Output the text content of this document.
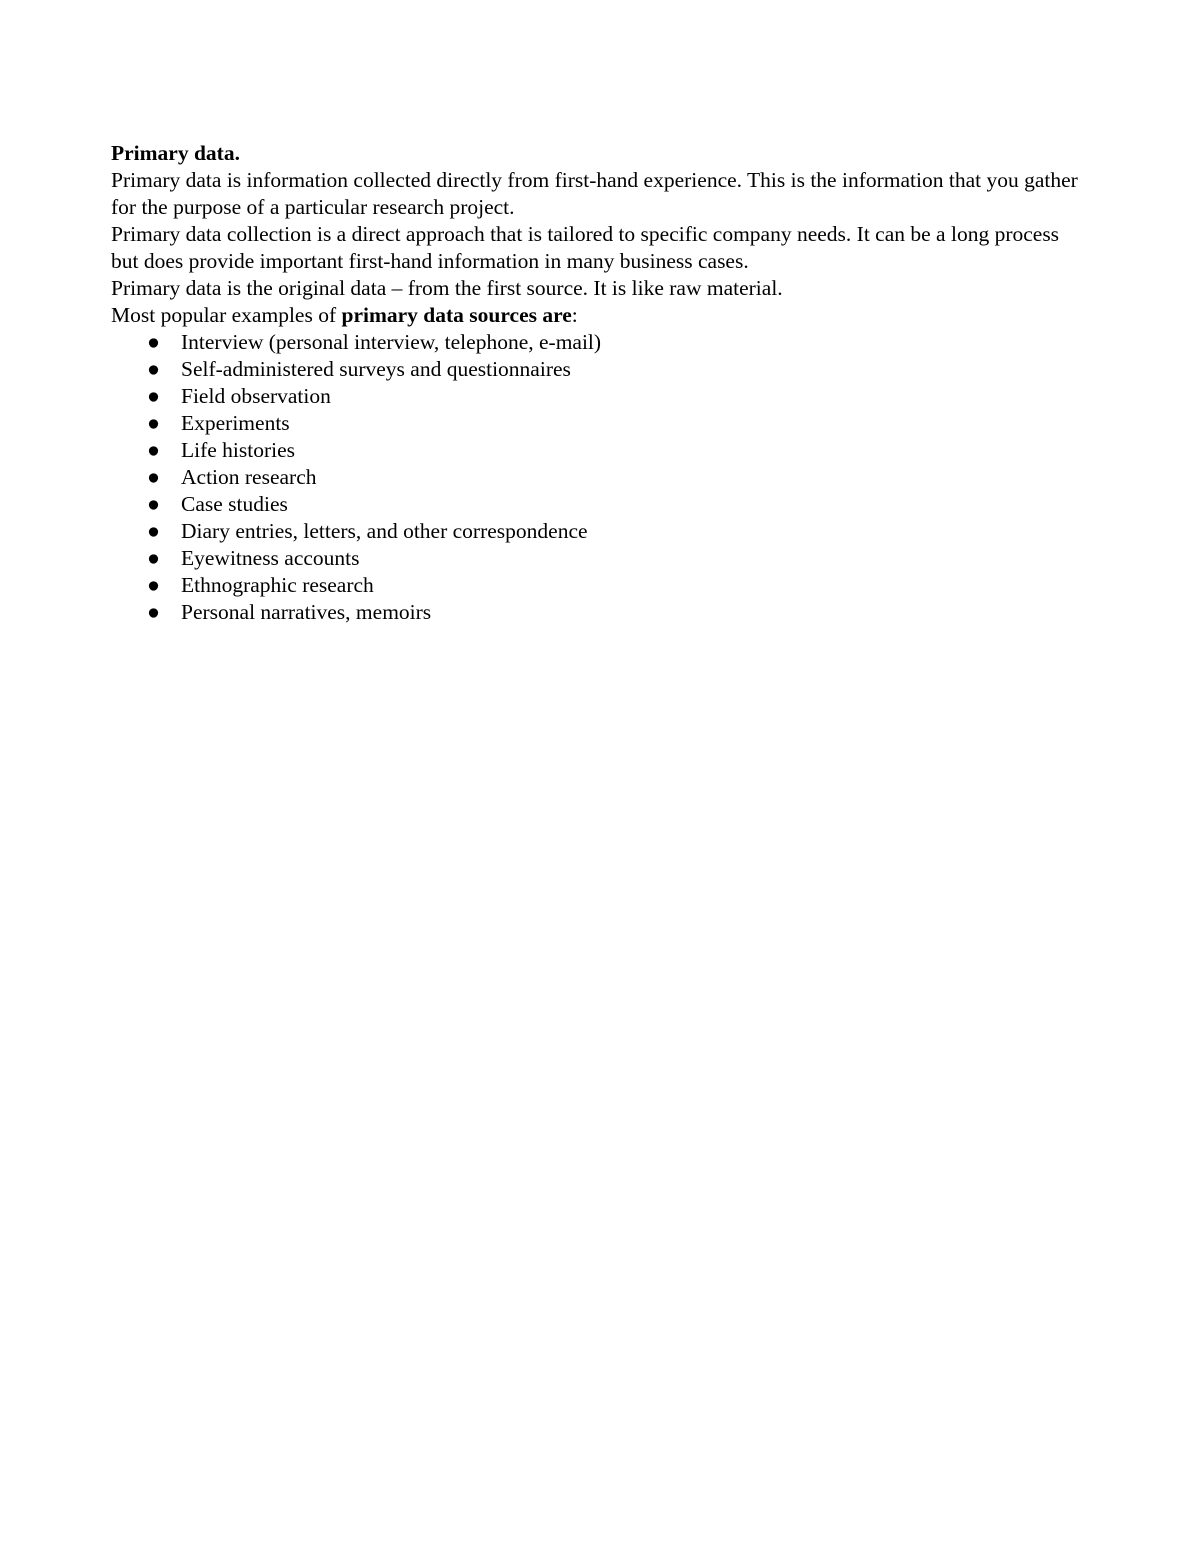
Primary data.

Primary data is information collected directly from first-hand experience. This is the information that you gather for the purpose of a particular research project.

Primary data collection is a direct approach that is tailored to specific company needs. It can be a long process but does provide important first-hand information in many business cases.

Primary data is the original data – from the first source. It is like raw material.

Most popular examples of primary data sources are:

● Interview (personal interview, telephone, e-mail)
● Self-administered surveys and questionnaires
● Field observation
● Experiments
● Life histories
● Action research
● Case studies
● Diary entries, letters, and other correspondence
● Eyewitness accounts
● Ethnographic research
● Personal narratives, memoirs
